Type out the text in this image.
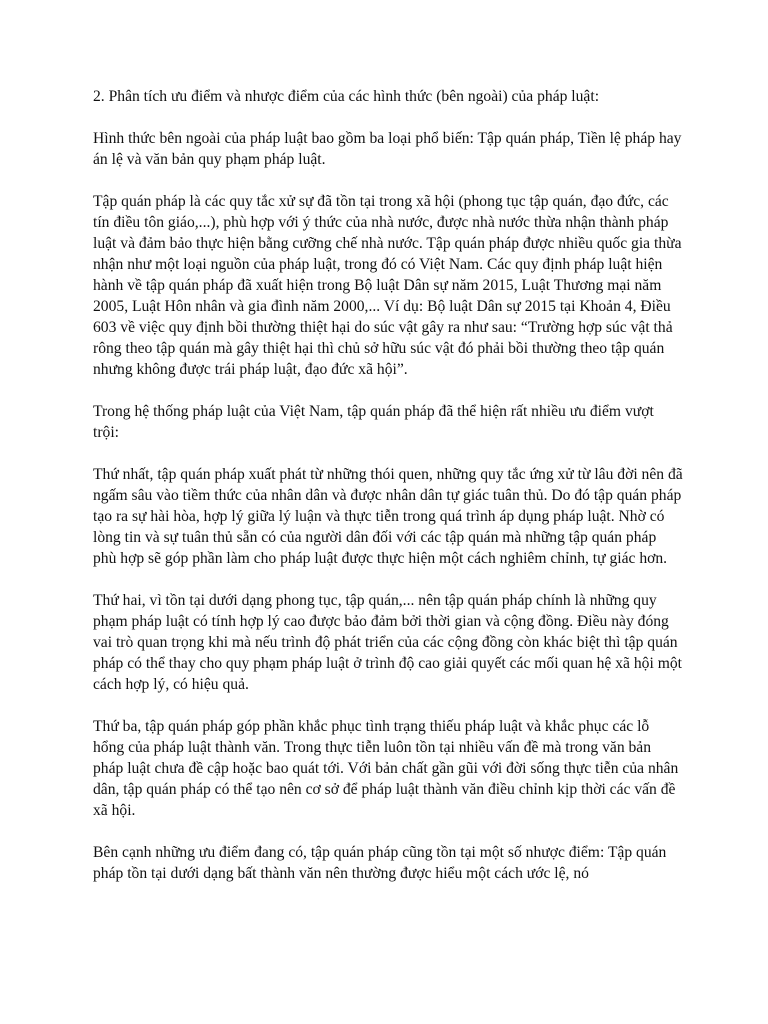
2. Phân tích ưu điểm và nhược điểm của các hình thức (bên ngoài) của pháp luật:

Hình thức bên ngoài của pháp luật bao gồm ba loại phổ biến: Tập quán pháp, Tiền lệ pháp hay án lệ và văn bản quy phạm pháp luật.

Tập quán pháp là các quy tắc xử sự đã tồn tại trong xã hội (phong tục tập quán, đạo đức, các tín điều tôn giáo,...), phù hợp với ý thức của nhà nước, được nhà nước thừa nhận thành pháp luật và đảm bảo thực hiện bằng cưỡng chế nhà nước. Tập quán pháp được nhiều quốc gia thừa nhận như một loại nguồn của pháp luật, trong đó có Việt Nam. Các quy định pháp luật hiện hành về tập quán pháp đã xuất hiện trong Bộ luật Dân sự năm 2015, Luật Thương mại năm 2005, Luật Hôn nhân và gia đình năm 2000,... Ví dụ: Bộ luật Dân sự 2015 tại Khoản 4, Điều 603 về việc quy định bồi thường thiệt hại do súc vật gây ra như sau: “Trường hợp súc vật thả rông theo tập quán mà gây thiệt hại thì chủ sở hữu súc vật đó phải bồi thường theo tập quán nhưng không được trái pháp luật, đạo đức xã hội”.

Trong hệ thống pháp luật của Việt Nam, tập quán pháp đã thể hiện rất nhiều ưu điểm vượt trội:

Thứ nhất, tập quán pháp xuất phát từ những thói quen, những quy tắc ứng xử từ lâu đời nên đã ngấm sâu vào tiềm thức của nhân dân và được nhân dân tự giác tuân thủ. Do đó tập quán pháp tạo ra sự hài hòa, hợp lý giữa lý luận và thực tiễn trong quá trình áp dụng pháp luật. Nhờ có lòng tin và sự tuân thủ sẵn có của người dân đối với các tập quán mà những tập quán pháp phù hợp sẽ góp phần làm cho pháp luật được thực hiện một cách nghiêm chỉnh, tự giác hơn.

Thứ hai, vì tồn tại dưới dạng phong tục, tập quán,... nên tập quán pháp chính là những quy phạm pháp luật có tính hợp lý cao được bảo đảm bởi thời gian và cộng đồng. Điều này đóng vai trò quan trọng khi mà nếu trình độ phát triển của các cộng đồng còn khác biệt thì tập quán pháp có thể thay cho quy phạm pháp luật ở trình độ cao giải quyết các mối quan hệ xã hội một cách hợp lý, có hiệu quả.

Thứ ba, tập quán pháp góp phần khắc phục tình trạng thiếu pháp luật và khắc phục các lỗ hổng của pháp luật thành văn. Trong thực tiễn luôn tồn tại nhiều vấn đề mà trong văn bản pháp luật chưa đề cập hoặc bao quát tới. Với bản chất gần gũi với đời sống thực tiễn của nhân dân, tập quán pháp có thể tạo nên cơ sở để pháp luật thành văn điều chỉnh kịp thời các vấn đề xã hội.

Bên cạnh những ưu điểm đang có, tập quán pháp cũng tồn tại một số nhược điểm: Tập quán pháp tồn tại dưới dạng bất thành văn nên thường được hiểu một cách ước lệ, nó
